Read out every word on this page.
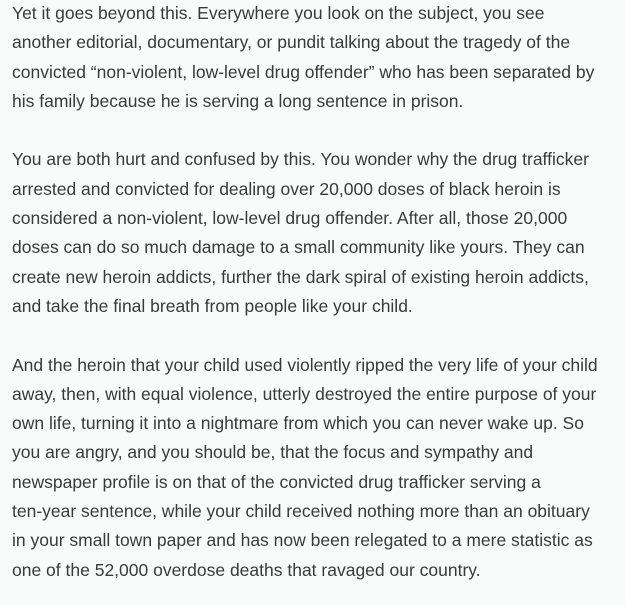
Yet it goes beyond this. Everywhere you look on the subject, you see
another editorial, documentary, or pundit talking about the tragedy of the
convicted “non-violent, low-level drug offender” who has been separated by
his family because he is serving a long sentence in prison.

You are both hurt and confused by this. You wonder why the drug trafficker
arrested and convicted for dealing over 20,000 doses of black heroin is
considered a non-violent, low-level drug offender. After all, those 20,000
doses can do so much damage to a small community like yours. They can
create new heroin addicts, further the dark spiral of existing heroin addicts,
and take the final breath from people like your child.

And the heroin that your child used violently ripped the very life of your child
away, then, with equal violence, utterly destroyed the entire purpose of your
own life, turning it into a nightmare from which you can never wake up. So
you are angry, and you should be, that the focus and sympathy and
newspaper profile is on that of the convicted drug trafficker serving a
ten-year sentence, while your child received nothing more than an obituary
in your small town paper and has now been relegated to a mere statistic as
one of the 52,000 overdose deaths that ravaged our country.
